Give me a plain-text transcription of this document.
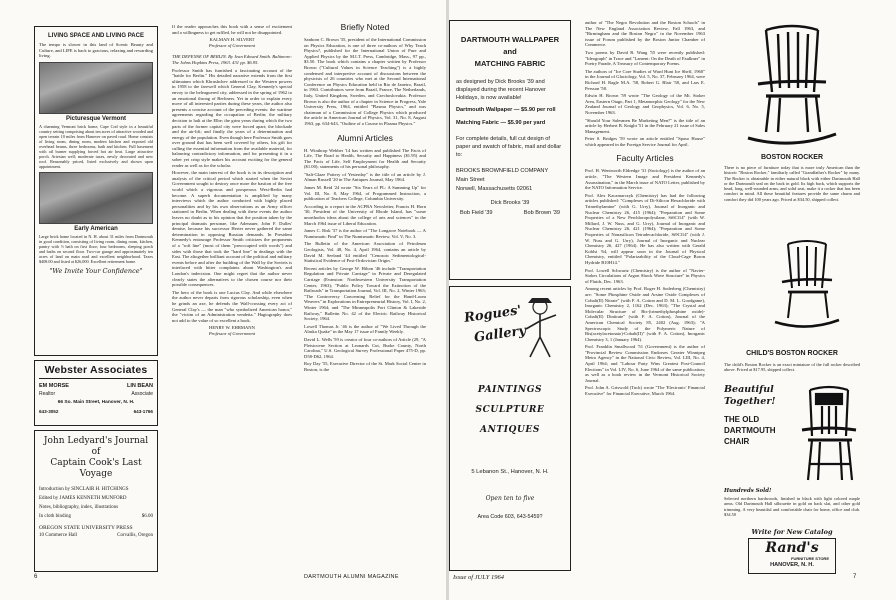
LIVING SPACE AND LIVING PACE
The tempo is slower in this land of Scenic Beauty and Culture, and LIFE is back to gracious, relaxing and rewarding living.
Picturesque Vermont
A charming Vermont brick home, Cape Cod style in a beautiful country setting comprising about ten acres of attractive wooded and open terrain 10 miles from Hanover on paved road. Home consists of living room, dining room, modern kitchen and exposed old overhead beams, three bedrooms, bath and kitchen. Full basement with oil burner supplying forced hot air heat. Large attractive porch. Artesian well; moderate taxes, newly decorated and new roof. Reasonably priced, listed exclusively and shown upon appointment.
Early American
Large brick home located in N. H. about 31 miles from Dartmouth in good condition, consisting of living room, dining room, kitchen, pantry with ½ bath on first floor; four bedrooms, sleeping porch and baths on second floor. Two-car garage and approximately ten acres of land on main road and excellent neighborhood. Taxes $408.00 and listed at $26,000. Excellent retirement home.
"We Invite Your Confidence"
Webster Associates
EM MORSE	LIN BEAN
Realtor	Associate
66 So. Main Street, Hanover, N. H.
643-3052	643-1766
John Ledyard's Journal of
Captain Cook's Last Voyage
Introduction by SINCLAIR H. HITCHINGS
Edited by JAMES KENNETH MUNFORD
Notes, bibliography, index, illustrations
In cloth binding	$6.00
OREGON STATE UNIVERSITY PRESS
10 Commerce Hall	Corvallis, Oregon
If the reader approaches this book with a sense of excitement and a willingness to get ruffled, he will not be disappointed.
KALMAN H. SILVERT
Professor of Government
THE DEFENSE OF BERLIN. By Jean Edward Smith. Baltimore: The Johns Hopkins Press, 1963. 431 pp. $6.95.
Professor Smith has furnished a fascinating account of the "battle for Berlin." His detailed narrative extends from the first ultimatum which Khrushchev addressed to the Western powers in 1958 to the farewell which General Clay, Kennedy's special envoy to the beleaguered city, addressed in the spring of 1962 to an emotional throng of Berliners. Yet in order to explain every move of all interested parties during these years, the author also presents a concise account of the preceding events: the wartime agreements regarding the occupation of Berlin; the military decision to halt at the Elbe; the grim years during which the two parts of the former capital city were forced apart; the blockade and the air-lift; and finally the years of a determination and energy of the population. Even though here Professor Smith goes over ground that has been well covered by others, his gift for culling the essential information from the available material, for balancing contradictory information, and for presenting it in a sober yet crisp style makes his account exciting for the general reader as well as for the scholar.
However, the main interest of the book is in its description and analysis of the critical period which started when the Soviet Government sought to destroy once more the bastion of the free world which a vigorous and prosperous West-Berlin had become. A superb documentation is amplified by many interviews which the author conducted with highly placed personalities and by his own observations as an Army officer stationed in Berlin. When dealing with these events the author leaves no doubt as to his opinion that the position taken by the principal dramatis personae, like Adenauer, John F. Dulles' demise, because his successor Herter never gathered the same determination in opposing Russian demands. In President Kennedy's entourage Professor Smith criticizes the proponents of a "soft line" (most of them "preoccupied with words") and sides with those that took the "hard line" in dealings with the East. The altogether brilliant account of the political and military events before and after the building of the Wall by the Soviets is interlaced with bitter complaints about Washington's and London's indecision. One might regret that the author never clearly states the alternatives to the chosen course nor their possible consequences.
The hero of the book is one Lucius Clay. And while elsewhere the author never departs from rigorous scholarship, even when he grinds an axe, he defends the Wall-crossing every act of General Clay's — the man "who symbolized American honor," the "victim of an Administration vendetta." Hagiography does not add to the value of so excellent a book.
HENRY W. EHRMANN
Professor of Government
Briefly Noted
Sanborn C. Brown '35, president of the International Commission on Physics Education, is one of three co-authors of Why Teach Physics?, published for the International Union of Pure and Applied Physics by the M.I.T. Press, Cambridge, Mass., 97 pp., $3.50. The book which contains a chapter written by Professor Brown ("Cultural Values in Science Teaching") is a highly condensed and interpretive account of discussions between the physicists of 26 countries who met at the Second International Conference on Physics Education held in Rio de Janeiro, Brazil, in 1963. Contributors were from Brazil, France, The Netherlands, Italy, United Kingdom, Sweden, and Czechoslovakia. Professor Brown is also the author of a chapter in Science in Progress, Yale University Press, 1964, entitled "Plasma Physics," and was chairman of a Commission of College Physics which produced the article in American Journal of Physics, Vol. 31, No. 8, August 1963, pp. 634-643, "Outline of a Course in Plasma Physics."
Alumni Articles
H. Winthrop Webber '14 has written and published The Facts of Life, The Road to Health, Security and Happiness ($1.95) and The Facts of Life, Self Employment for Health and Security ($1.00); statements of his personal philosophy.
"Salt-Glaze Pottery of Yesterday" is the title of an article by J. Alman Russell '20 in The Antiques Journal, May 1964.
James M. Reid '24 wrote "Six Years of PL: A Summing Up" for Vol. III, No. 8, May 1964, of Programmed Instruction, a publication of Teachers College, Columbia University.
According to a report in the ACPRA Newsletter, Francis H. Horn '30, President of the University of Rhode Island, has "some unorthodox ideas about the college of arts and sciences" in the March 1964 issue of Liberal Education.
James C. Risk '37 is the author of "The Longacre Notebook — A Numismatic Find" in The Numismatic Review, Vol. V, No. 3.
The Bulletin of the American Association of Petroleum Geologists, Vol. 48, No. 4, April 1964, contains an article by David M. Seeland '44 entitled "Cenozoic Sedimentological-Statistical Evidence of Post-Ordovician Origin."
Recent articles by George W. Hilton '46 include "Transportation Regulation and Private Carriage" in Private and Deregulated Carriage (Evanston: Northwestern University Transportation Center, 1963); "Public Policy Toward the Extinction of the Railroads" in Transportation Journal, Vol. III, No. 2, Winter 1963; "The Controversy Concerning Relief for the Hand-Loom Weavers" in Explorations in Entrepreneurial History, Vol. I, No. 2, Winter 1964; and "The Minneapolis Port Clinton & Lakeside Railway," Bulletin No. 42 of the Electric Railway Historical Society, 1964.
Lowell Thomas Jr. '46 is the author of "We Lived Through the Alaska Quake" in the May 17 issue of Family Weekly.
David L. Wells '59 is creator of four co-authors of Article (29, "A Pleistocene Section at Leonards Cut, Burke County, North Carolina," U.S. Geological Survey Professional Paper 475-D, pp. D58-D62, 1964.
Roy Day '55, Executive Director of the St. Mark Social Center in Boston, is the
6	DARTMOUTH ALUMNI MAGAZINE
DARTMOUTH WALLPAPER
and
MATCHING FABRIC
as designed by Dick Brooks '39 and displayed during the recent Hanover Holidays, is now available!
Dartmouth Wallpaper — $5.90 per roll
Matching Fabric — $5.90 per yard
For complete details, full cut design of paper and swatch of fabric, mail and dollar to:
BROOKS BROWNFIELD COMPANY
Main Street
Norwell, Massachusetts 02061
Dick Brooks '39
Bob Field '39	Bob Brown '39
Rogues'
Gallery
PAINTINGS
SCULPTURE
ANTIQUES
5 Lebanon St., Hanover, N. H.
Open ten to five
Area Code 603, 643-5459?
author of "The Negro Revolution and the Boston Schools" in The New England Association Review, Fall 1963, and "Birmingham and the Boston Negro" in the November 1963 issue of Forum published by the Boston Junior Chamber of Commerce.
Two poems by David R. Wang '55 were recently published: "Ideograph" in Trace and "Lament: On the Death of Faulkner" in Poetry Parade, A Treasury of Contemporary Poems.
The authors of "Ice Core Studies of Ward Hunt Ice Shelf, 1960" in the Journal of Glaciology, Vol. 5, No. 37, February 1964, were Richard H. Ragle M.A. '58, Robert G. Blair '58, and Lars E. Persson '58.
Edwin H. Brown '59 wrote "The Geology of the Mt. Stoker Area, Eastern Otago, Part 1, Metamorphic Geology" for the New Zealand Journal of Geology and Geophysics, Vol. 6, No. 5, November 1963.
"Should Your Salesmen Be Marketing Men?" is the title of an article by Herbert B. Knight '51 in the February 21 issue of Sales Management.
Peter S. Bridges '59 wrote an article entitled "Spaso House" which appeared in the Foreign Service Journal for April.
Faculty Articles
Prof. H. Wentworth Eldredge '31 (Sociology) is the author of an article, "The Western Image and President Kennedy's Assassination," in the March issue of NATO Letter, published by the NATO Information Service.
Prof. Alex Kaczmarczyk (Chemistry) has had the following articles published: "Complexes of Di-Silicon Hexachloride with Trimethylamine" (with G. Urry), Journal of Inorganic and Nuclear Chemistry 26, 415 (1964); "Preparation and Some Properties of a New Perchloropolysilane, Si6Cl14" (with W. Millard, J. W. Nuss, and G. Urry), Journal of Inorganic and Nuclear Chemistry 26, 421 (1964); "Preparation and Some Properties of Nonasilicon Tetradecachloride, Si9Cl14" (with J. W. Nuss and G. Urry), Journal of Inorganic and Nuclear Chemistry 26, 427 (1964). He has also written with Gerald Koblsi '64, will appear soon in the Journal of Physical Chemistry, entitled "Polarizability of the Cloud-Cage Boron Hydride B10H14."
Prof. Lowell Schwartz (Chemistry) is the author of "Navier-Stokes Circulations of Argon Shock Wave Structure" in Physics of Fluids, Dec. 1963.
Among recent articles by Prof. Roger H. Soderberg (Chemistry) are: "Some Phosphine Oxide and Arsine Oxide Complexes of Cobalt(II) Nitrate" (with F. A. Cotton and D. M. L. Goodgame), Inorganic Chemistry 2, 1162 (Dec. 1963); "The Crystal and Molecular Structure of Bis-(trimethylphosphine oxide)-Cobalt(II) Dinitrate" (with F. A. Cotton), Journal of the American Chemical Society 85, 2402 (Aug. 1963); "A Spectroscopic Study of the Polymeric Nature of Bis(acetylacetonato)-Cobalt(II)" (with F. A. Cotton), Inorganic Chemistry 3, 1 (January 1964).
Prof. Franklin Smallwood '51 (Government) is the author of "Provincial Review Commission Endorses Greater Winnipeg Metro Agency" in the National Civic Review, Vol. LIII, No. 4, April 1964; and "Labour Party Wins Greatest Post-Council Elections" in Vol. LIV, No. 6, June 1964 of the same publication; as well as a book review in the Vermont Historical Society Journal.
Prof. John A. Griswold (Tuck) wrote "The 'Electronic' Financial Executive" for Financial Executive, March 1964.
BOSTON ROCKER
There is no piece of furniture today that is more truly American than the historic "Boston Rocker," familiarly called "Grandfather's Rocker" by many. The Rocker is obtainable in either natural black with either Dartmouth Hall or the Dartmouth seal on the back in gold. Its high back, which supports the head, long, well-rounded arms, and solid seat, make it a rocker that has been comfort in mind. All these beautiful features provide the same charm and comfort they did 100 years ago. Priced at $34.50, shipped collect.
CHILD'S BOSTON ROCKER
The child's Boston Rocker is an exact miniature of the full rocker described above. Priced at $17.95, shipped collect.
Beautiful
Together!
THE OLD
DARTMOUTH
CHAIR
Hundreds Sold!
Selected northern hardwoods, finished in black with light colored maple arms. Old Dartmouth Hall silhouette in gold on back slat, and other gold trimming. A very beautiful and comfortable chair for home, office and club. $34.50
Write for New Catalog
Rand's
FURNITURE STORE
HANOVER, N. H.
Issue of JULY 1964	7
